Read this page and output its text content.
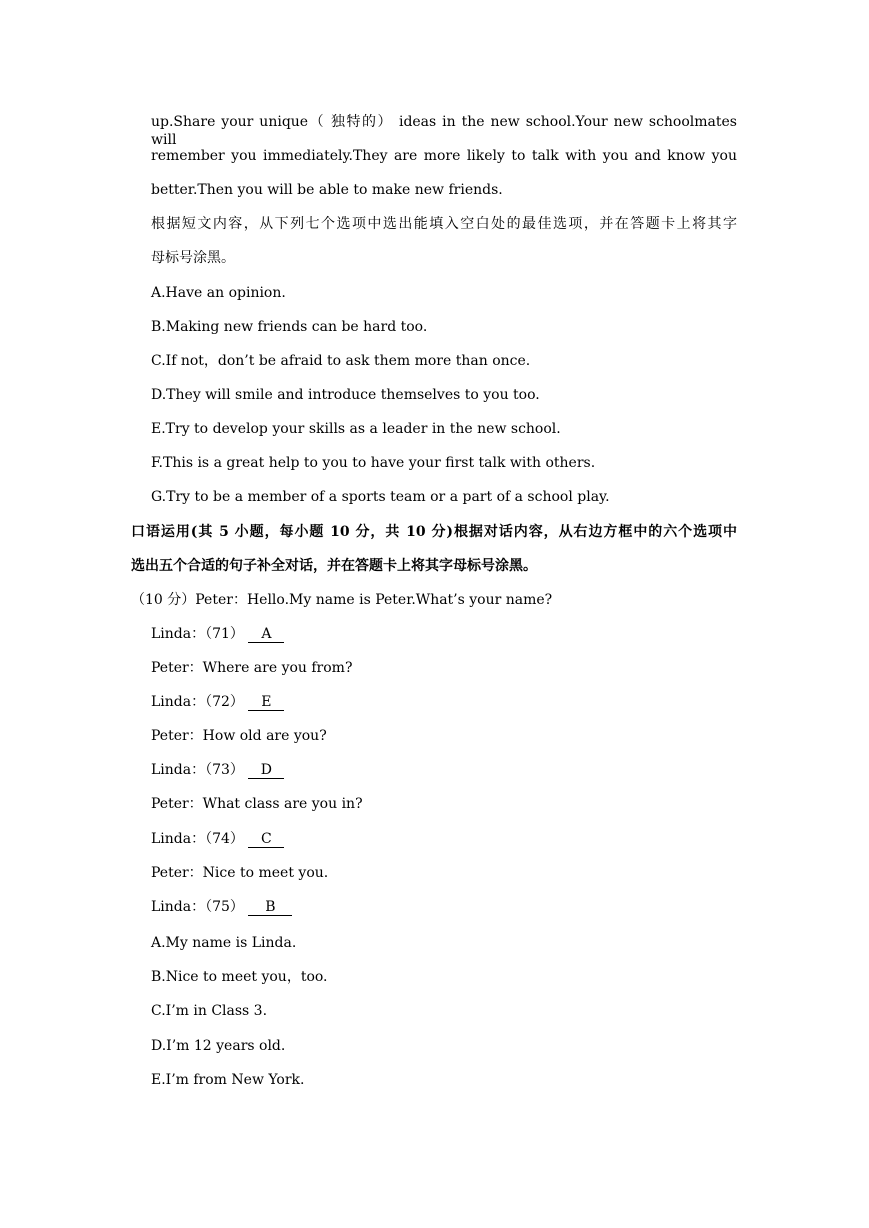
up.Share your unique（ 独特的） ideas in the new school.Your new schoolmates will
remember you immediately.They are more likely to talk with you and know you
better.Then you will be able to make new friends.
根据短文内容，从下列七个选项中选出能填入空白处的最佳选项，并在答题卡上将其字
母标号涂黑。
A.Have an opinion.
B.Making new friends can be hard too.
C.If not，don’t be afraid to ask them more than once.
D.They will smile and introduce themselves to you too.
E.Try to develop your skills as a leader in the new school.
F.This is a great help to you to have your first talk with others.
G.Try to be a member of a sports team or a part of a school play.
口语运用(其 5 小题，每小题 10 分，共 10 分)根据对话内容，从右边方框中的六个选项中
选出五个合适的句子补全对话，并在答题卡上将其字母标号涂黑。
（10 分）Peter：Hello.My name is Peter.What’s your name?
Linda：（71） A
Peter：Where are you from?
Linda：（72） E
Peter：How old are you?
Linda：（73） D
Peter：What class are you in?
Linda：（74） C
Peter：Nice to meet you.
Linda：（75） B
A.My name is Linda.
B.Nice to meet you，too.
C.I’m in Class 3.
D.I’m 12 years old.
E.I’m from New York.
